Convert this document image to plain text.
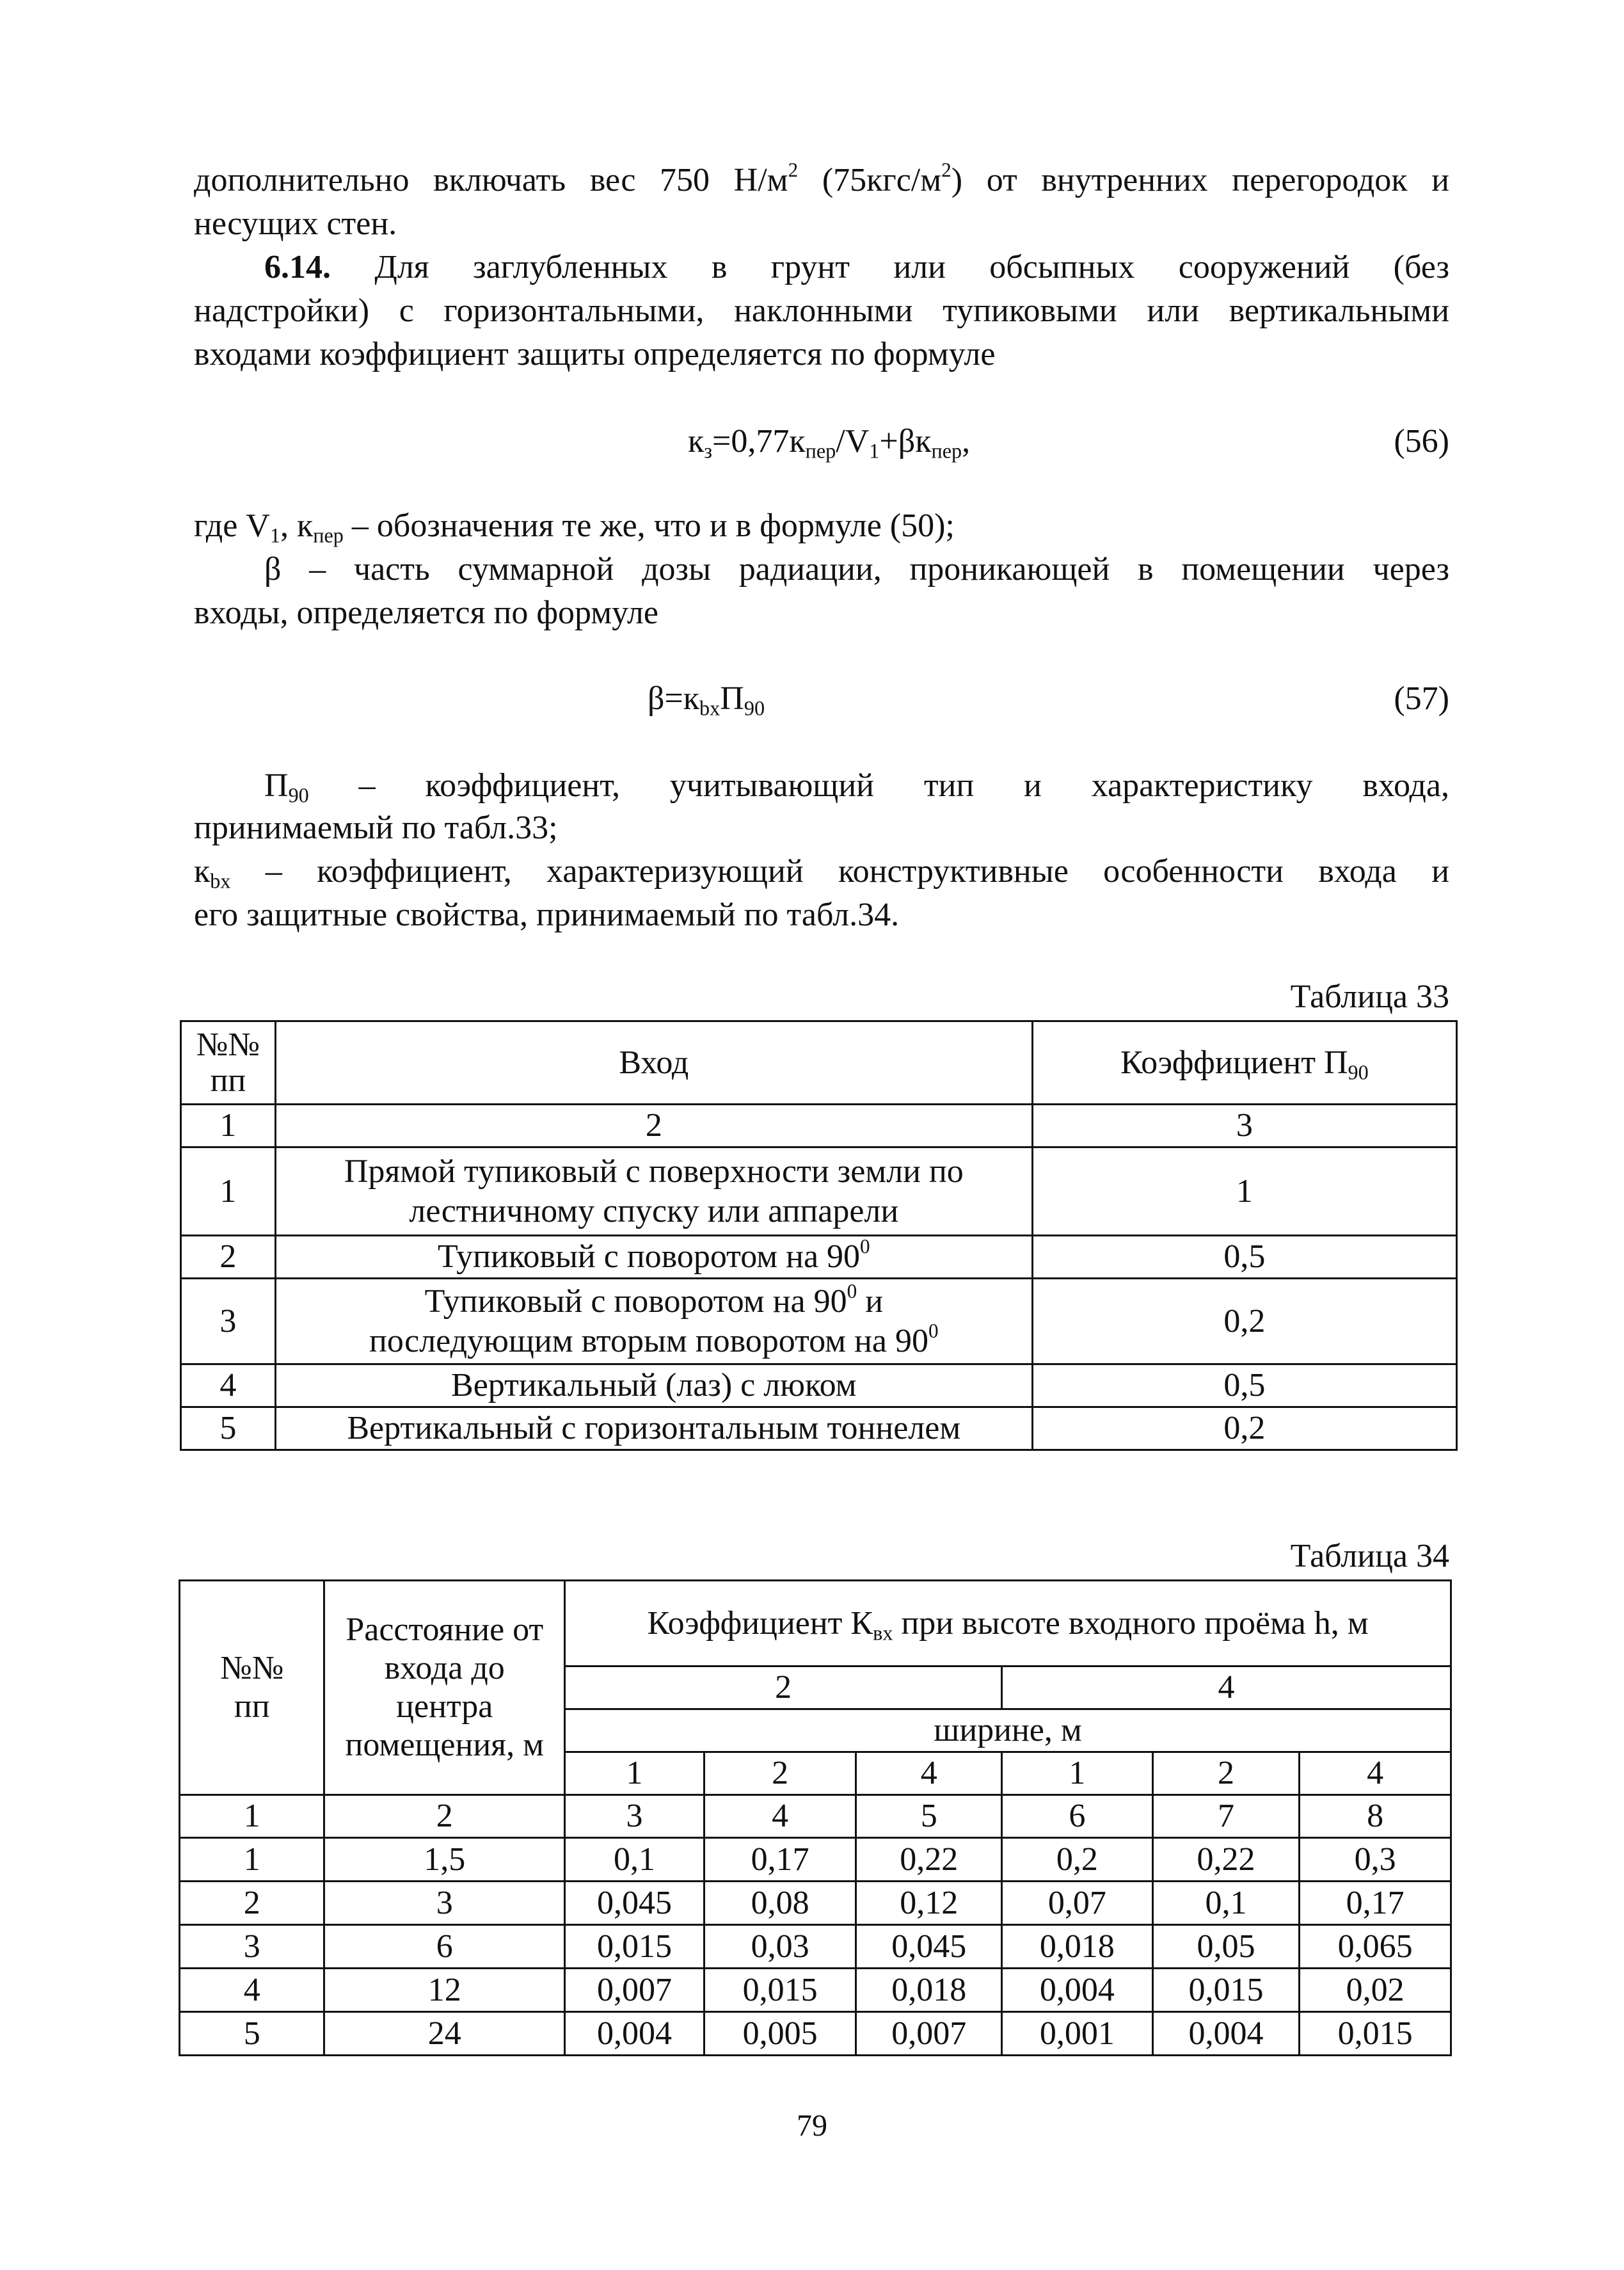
дополнительно включать вес 750 $Н/м^2$ $(75кгс/м^2)$ от внутренних перегородок и
несущих стен.
6.14. Для заглубленных в грунт или обсыпных сооружений (без
надстройки) с горизонтальными, наклонными тупиковыми или вертикальными
входами коэффициент защиты определяется по формуле
$к_з=0,77к_{пер}/V_1+\beta к_{пер}$,	(56)
где $V_1$, $к_{пер}$ – обозначения те же, что и в формуле (50);
β – часть суммарной дозы радиации, проникающей в помещении через
входы, определяется по формуле
$\beta=к_{bx}П_{90}$	(57)
$П_{90}$ – коэффициент, учитывающий тип и характеристику входа,
принимаемый по табл.33;
$к_{bx}$ – коэффициент, характеризующий конструктивные особенности входа и
его защитные свойства, принимаемый по табл.34.
Таблица 33
№№
пп	Вход	Коэффициент $П_{90}$
1	2	3
1	Прямой тупиковый с поверхности земли по
лестничному спуску или аппарели	1
2	Тупиковый с поворотом на $90^0$	0,5
3	Тупиковый с поворотом на $90^0$ и
последующим вторым поворотом на $90^0$	0,2
4	Вертикальный (лаз) с люком	0,5
5	Вертикальный с горизонтальным тоннелем	0,2
Таблица 34
№№
пп	Расстояние от
входа до
центра
помещения, м	Коэффициент $К_{вх}$ при высоте входного проёма h, м					
		2			4		
		ширине, м					
		1	2	4	1	2	4
1	2	3	4	5	6	7	8
1	1,5	0,1	0,17	0,22	0,2	0,22	0,3
2	3	0,045	0,08	0,12	0,07	0,1	0,17
3	6	0,015	0,03	0,045	0,018	0,05	0,065
4	12	0,007	0,015	0,018	0,004	0,015	0,02
5	24	0,004	0,005	0,007	0,001	0,004	0,015
79
